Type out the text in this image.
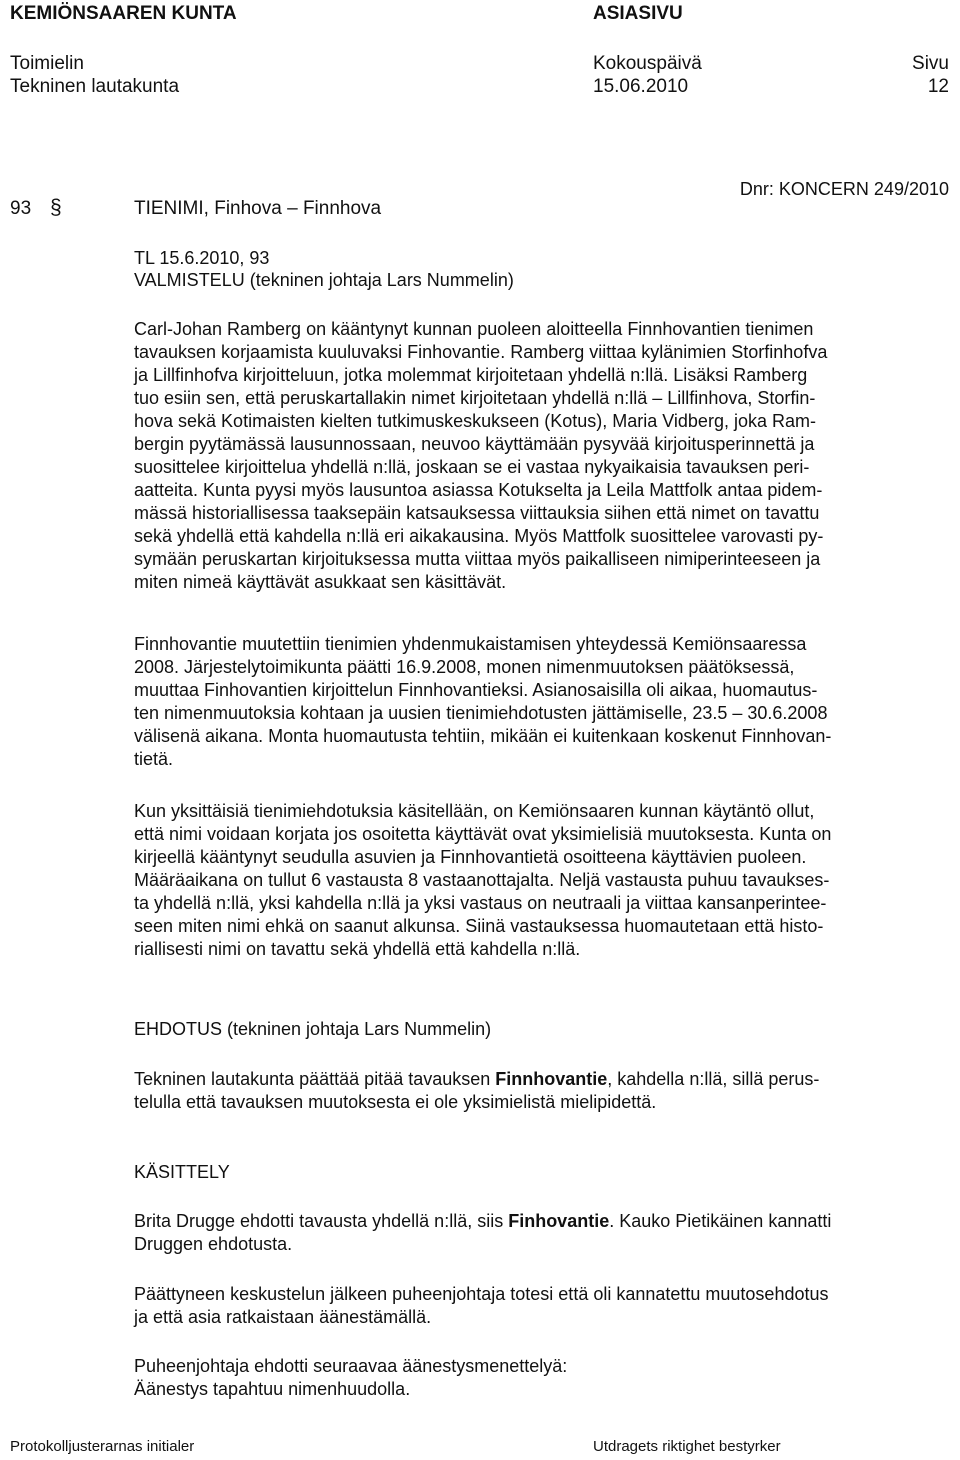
KEMIÖNSAAREN KUNTA	ASIASIVU
Toimielin
Tekninen lautakunta
Kokouspäivä
15.06.2010
Sivu
12
Dnr: KONCERN 249/2010
93 §	TIENIMI, Finhova – Finnhova
TL 15.6.2010, 93
VALMISTELU (tekninen johtaja Lars Nummelin)
Carl-Johan Ramberg on kääntynyt kunnan puoleen aloitteella Finnhovantien tienimen
tavauksen korjaamista kuuluvaksi Finhovantie. Ramberg viittaa kylänimien Storfinhofva
ja Lillfinhofva kirjoitteluun, jotka molemmat kirjoitetaan yhdellä n:llä. Lisäksi Ramberg
tuo esiin sen, että peruskartallakin nimet kirjoitetaan yhdellä n:llä – Lillfinhova, Storfin-
hova sekä Kotimaisten kielten tutkimuskeskukseen (Kotus), Maria Vidberg, joka Ram-
bergin pyytämässä lausunnossaan, neuvoo käyttämään pysyvää kirjoitusperinnettä ja
suosittelee kirjoittelua yhdellä n:llä, joskaan se ei vastaa nykyaikaisia tavauksen peri-
aatteita. Kunta pyysi myös lausuntoa asiassa Kotukselta ja Leila Mattfolk antaa pidem-
mässä historiallisessa taaksepäin katsauksessa viittauksia siihen että nimet on tavattu
sekä yhdellä että kahdella n:llä eri aikakausina. Myös Mattfolk suosittelee varovasti py-
symään peruskartan kirjoituksessa mutta viittaa myös paikalliseen nimiperinteeseen ja
miten nimeä käyttävät asukkaat sen käsittävät.
Finnhovantie muutettiin tienimien yhdenmukaistamisen yhteydessä Kemiönsaaressa
2008. Järjestelytoimikunta päätti 16.9.2008, monen nimenmuutoksen päätöksessä,
muuttaa Finhovantien kirjoittelun Finnhovantieksi. Asianosaisilla oli aikaa, huomautus-
ten nimenmuutoksia kohtaan ja uusien tienimiehdotusten jättämiselle, 23.5 – 30.6.2008
välisenä aikana. Monta huomautusta tehtiin, mikään ei kuitenkaan koskenut Finnhovan-
tietä.
Kun yksittäisiä tienimiehdotuksia käsitellään, on Kemiönsaaren kunnan käytäntö ollut,
että nimi voidaan korjata jos osoitetta käyttävät ovat yksimielisiä muutoksesta. Kunta on
kirjeellä kääntynyt seudulla asuvien ja Finnhovantietä osoitteena käyttävien puoleen.
Määräaikana on tullut 6 vastausta 8 vastaanottajalta. Neljä vastausta puhuu tavaukses-
ta yhdellä n:llä, yksi kahdella n:llä ja yksi vastaus on neutraali ja viittaa kansanperintee-
seen miten nimi ehkä on saanut alkunsa. Siinä vastauksessa huomautetaan että histo-
riallisesti nimi on tavattu sekä yhdellä että kahdella n:llä.
EHDOTUS (tekninen johtaja Lars Nummelin)
Tekninen lautakunta päättää pitää tavauksen Finnhovantie, kahdella n:llä, sillä perus-
telulla että tavauksen muutoksesta ei ole yksimielistä mielipidettä.
KÄSITTELY
Brita Drugge ehdotti tavausta yhdellä n:llä, siis Finhovantie. Kauko Pietikäinen kannatti
Druggen ehdotusta.
Päättyneen keskustelun jälkeen puheenjohtaja totesi että oli kannatettu muutosehdotus
ja että asia ratkaistaan äänestämällä.
Puheenjohtaja ehdotti seuraavaa äänestysmenettelyä:
Äänestys tapahtuu nimenhuudolla.
Protokolljusterarnas initialer	Utdragets riktighet bestyrker
